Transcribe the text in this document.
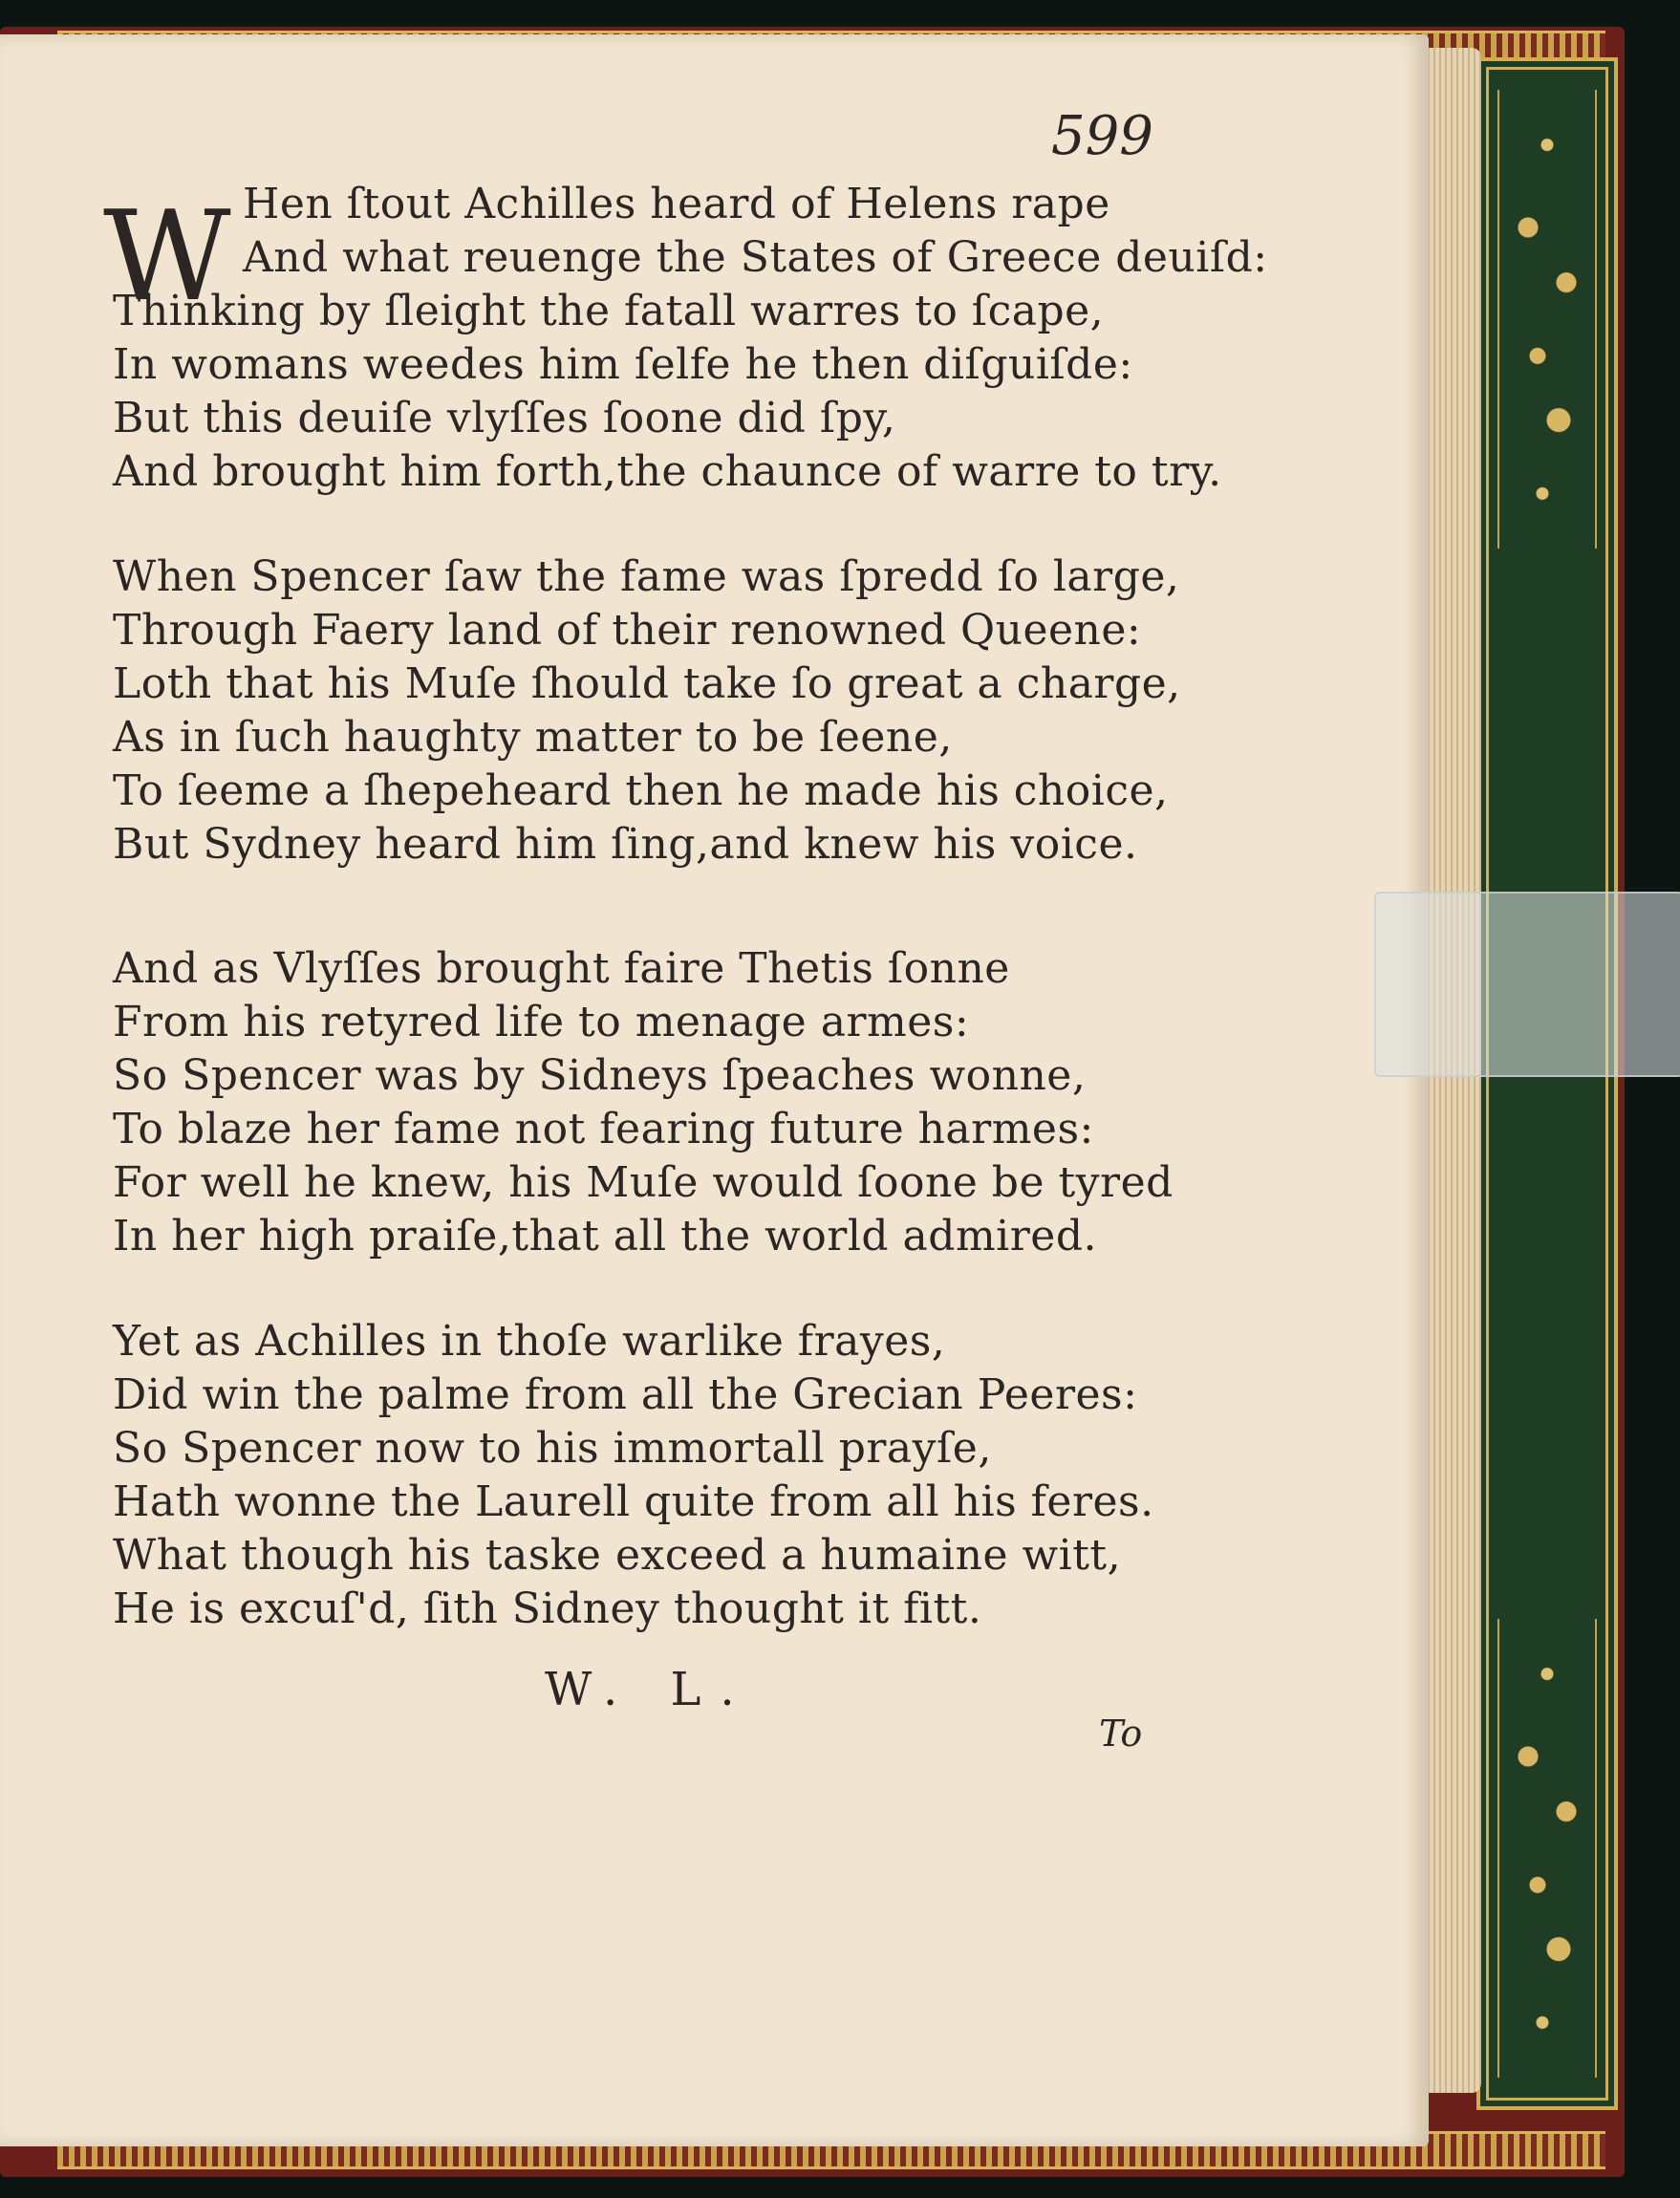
599
W Hen ſtout Achilles heard of Helens rape
And what reuenge the States of Greece deuiſd:
Thinking by ſleight the fatall warres to ſcape,
In womans weedes him ſelfe he then diſguiſde:
But this deuiſe vlyſſes ſoone did ſpy,
And brought him forth,the chaunce of warre to try.
When Spencer ſaw the fame was ſpredd ſo large,
Through Faery land of their renowned Queene:
Loth that his Muſe ſhould take ſo great a charge,
As in ſuch haughty matter to be ſeene,
To ſeeme a ſhepeheard then he made his choice,
But Sydney heard him ſing,and knew his voice.
And as Vlyſſes brought faire Thetis ſonne
From his retyred life to menage armes:
So Spencer was by Sidneys ſpeaches wonne,
To blaze her fame not fearing future harmes:
For well he knew, his Muſe would ſoone be tyred
In her high praiſe,that all the world admired.
Yet as Achilles in thoſe warlike frayes,
Did win the palme from all the Grecian Peeres:
So Spencer now to his immortall prayſe,
Hath wonne the Laurell quite from all his feres.
What though his taske exceed a humaine witt,
He is excuſ'd, ſith Sidney thought it fitt.
W. L.
To
